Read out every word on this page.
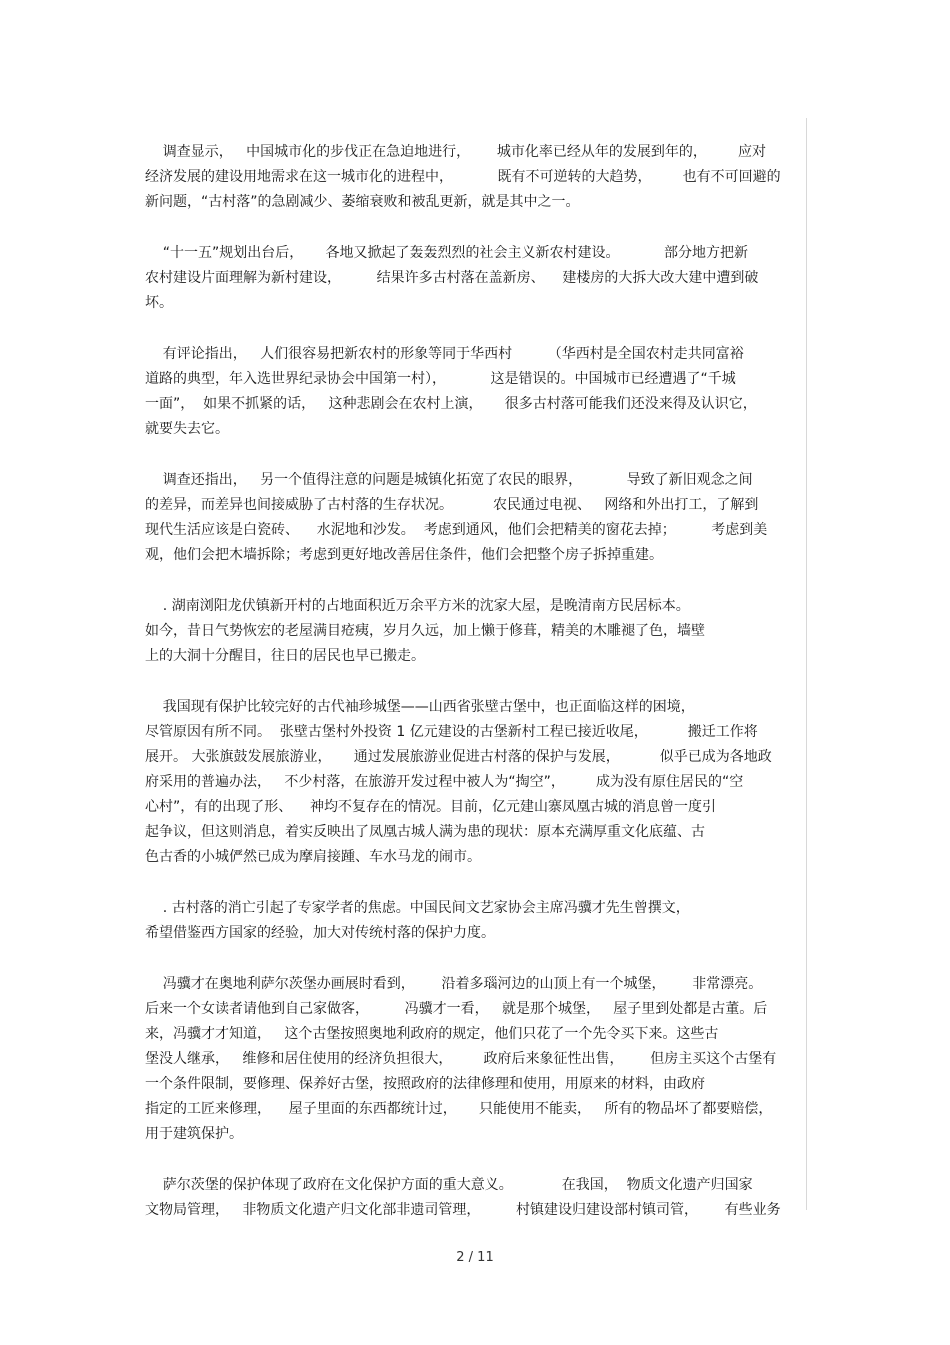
调查显示，   中国城市化的步伐正在急迫地进行，      城市化率已经从年的发展到年的，       应对
经济发展的建设用地需求在这一城市化的进程中，          既有不可逆转的大趋势，       也有不可回避的
新问题，“古村落”的急剧减少、萎缩衰败和被乱更新，就是其中之一。
“十一五”规划出台后，     各地又掀起了轰轰烈烈的社会主义新农村建设。          部分地方把新
农村建设片面理解为新村建设，        结果许多古村落在盖新房、    建楼房的大拆大改大建中遭到破
坏。
有评论指出，   人们很容易把新农村的形象等同于华西村        （华西村是全国农村走共同富裕
道路的典型，年入选世界纪录协会中国第一村），          这是错误的。中国城市已经遭遇了“千城
一面”，  如果不抓紧的话，   这种悲剧会在农村上演，     很多古村落可能我们还没来得及认识它，
就要失去它。
调查还指出，   另一个值得注意的问题是城镇化拓宽了农民的眼界，          导致了新旧观念之间
的差异，而差异也间接威胁了古村落的生存状况。         农民通过电视、   网络和外出打工，了解到
现代生活应该是白瓷砖、    水泥地和沙发。  考虑到通风，他们会把精美的窗花去掉；        考虑到美
观，他们会把木墙拆除；考虑到更好地改善居住条件，他们会把整个房子拆掉重建。
. 湖南浏阳龙伏镇新开村的占地面积近万余平方米的沈家大屋，是晚清南方民居标本。
如今，昔日气势恢宏的老屋满目疮痍，岁月久远，加上懒于修葺，精美的木雕褪了色，墙壁
上的大洞十分醒目，往日的居民也早已搬走。
我国现有保护比较完好的古代袖珍城堡——山西省张壁古堡中，也正面临这样的困境，
尽管原因有所不同。  张壁古堡村外投资 1 亿元建设的古堡新村工程已接近收尾，         搬迁工作将
展开。 大张旗鼓发展旅游业，     通过发展旅游业促进古村落的保护与发展，         似乎已成为各地政
府采用的普遍办法，   不少村落，在旅游开发过程中被人为“掏空”，       成为没有原住居民的“空
心村”，有的出现了形、    神均不复存在的情况。目前，亿元建山寨凤凰古城的消息曾一度引
起争议，但这则消息，着实反映出了凤凰古城人满为患的现状：原本充满厚重文化底蕴、古
色古香的小城俨然已成为摩肩接踵、车水马龙的闹市。
. 古村落的消亡引起了专家学者的焦虑。中国民间文艺家协会主席冯骥才先生曾撰文，
希望借鉴西方国家的经验，加大对传统村落的保护力度。
冯骥才在奥地利萨尔茨堡办画展时看到，      沿着多瑙河边的山顶上有一个城堡，      非常漂亮。
后来一个女读者请他到自己家做客，        冯骥才一看，   就是那个城堡，   屋子里到处都是古董。后
来，冯骥才才知道，   这个古堡按照奥地利政府的规定，他们只花了一个先令买下来。这些古
堡没人继承，   维修和居住使用的经济负担很大，       政府后来象征性出售，      但房主买这个古堡有
一个条件限制，要修理、保养好古堡，按照政府的法律修理和使用，用原来的材料，由政府
指定的工匠来修理，    屋子里面的东西都统计过，     只能使用不能卖，   所有的物品坏了都要赔偿，
用于建筑保护。
萨尔茨堡的保护体现了政府在文化保护方面的重大意义。           在我国，  物质文化遗产归国家
文物局管理，   非物质文化遗产归文化部非遗司管理，        村镇建设归建设部村镇司管，      有些业务
2 / 11
